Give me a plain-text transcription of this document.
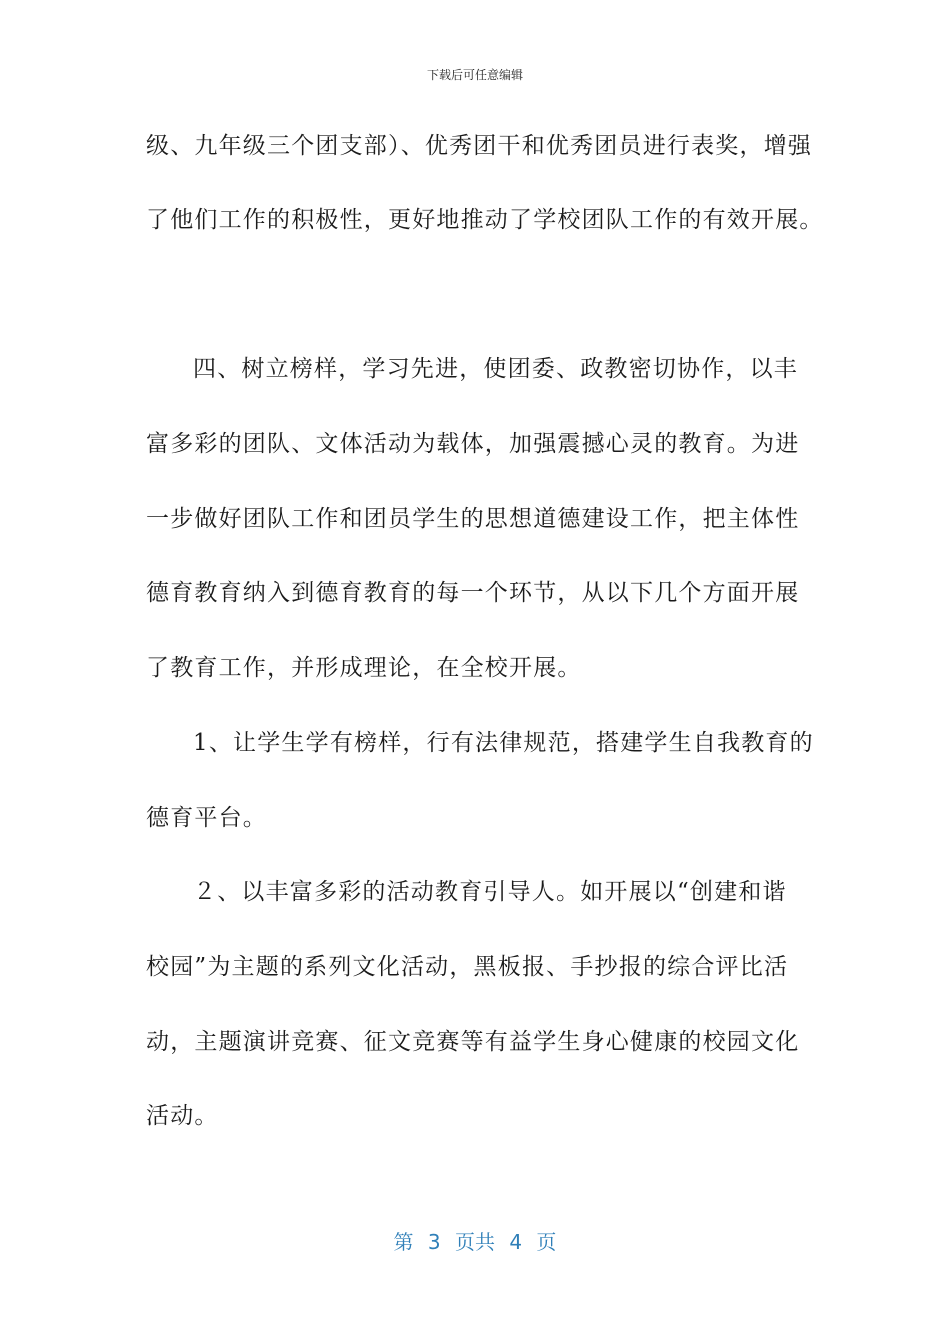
下载后可任意编辑
级、九年级三个团支部）、优秀团干和优秀团员进行表奖，增强
了他们工作的积极性，更好地推动了学校团队工作的有效开展。
四、树立榜样，学习先进，使团委、政教密切协作，以丰
富多彩的团队、文体活动为载体，加强震撼心灵的教育。为进
一步做好团队工作和团员学生的思想道德建设工作，把主体性
德育教育纳入到德育教育的每一个环节，从以下几个方面开展
了教育工作，并形成理论，在全校开展。
1、让学生学有榜样，行有法律规范，搭建学生自我教育的
德育平台。
２、以丰富多彩的活动教育引导人。如开展以“创建和谐
校园”为主题的系列文化活动，黑板报、手抄报的综合评比活
动，主题演讲竞赛、征文竞赛等有益学生身心健康的校园文化
活动。
第 3 页共 4 页
